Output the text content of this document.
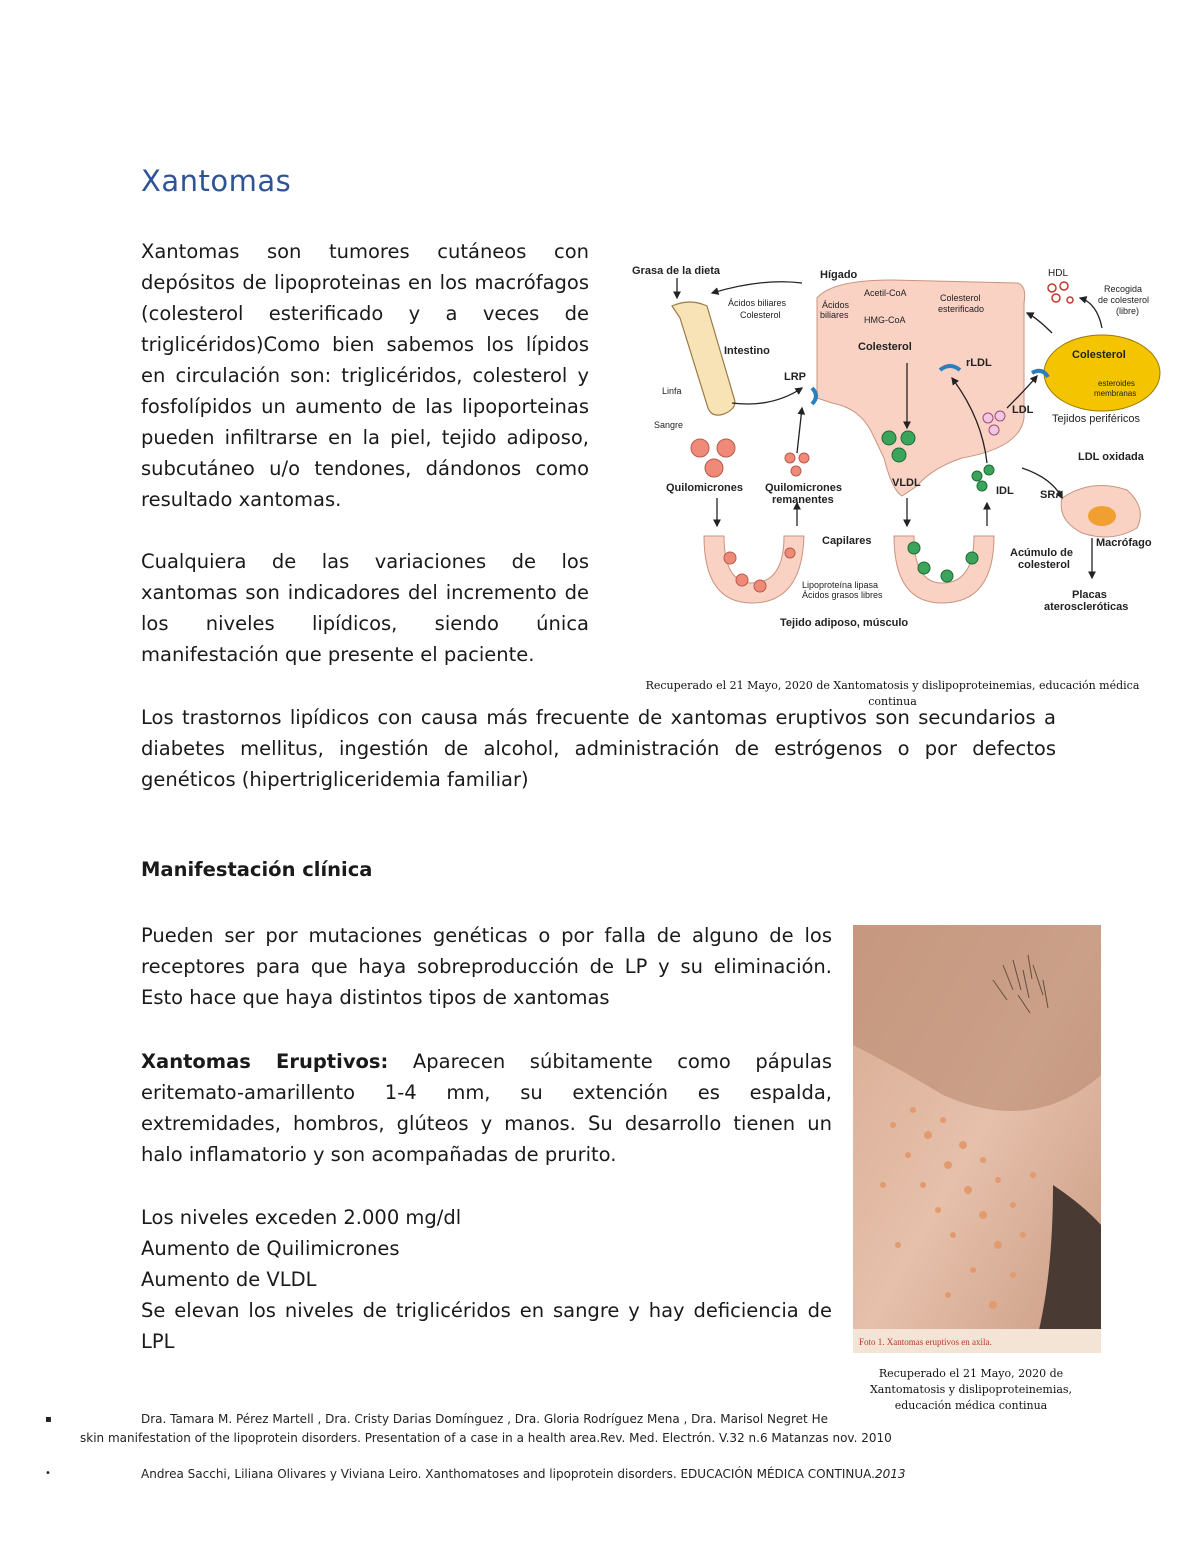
Xantomas
Xantomas son tumores cutáneos con depósitos de lipoproteinas en los macrófagos (colesterol esterificado y a veces de triglicéridos)Como bien sabemos los lípidos en circulación son: triglicéridos, colesterol y fosfolípidos un aumento de las lipoporteinas pueden infiltrarse en la piel, tejido adiposo, subcutáneo u/o tendones, dándonos como resultado xantomas.
Cualquiera de las variaciones de los xantomas son indicadores del incremento de los niveles lipídicos, siendo única manifestación que presente el paciente.
Los trastornos lipídicos con causa más frecuente de xantomas eruptivos son secundarios a diabetes mellitus, ingestión de alcohol, administración de estrógenos o por defectos genéticos (hipertrigliceridemia familiar)
Grasa de la dieta	Hígado
Ácidos biliares
Colesterol
Ácidos
biliares
Acetil-CoA
HMG-CoA
Colesterol
Colesterol
esterificado
Intestino
Linfa
Sangre
LRP
rLDL
HDL
Recogida
de colesterol
(libre)
Colesterol
esteroides
membranas
LDL
Tejidos periféricos
LDL oxidada
Quilomicrones Quilomicrones
remanentes
VLDL
IDL SRA
Capilares
Acúmulo de
colesterol
Macrófago
Lipoproteína lipasa
Ácidos grasos libres	Placas
ateroscleróticas
Tejido adiposo, músculo
Recuperado el 21 Mayo, 2020 de Xantomatosis y dislipoproteinemias, educación médica continua
Manifestación clínica
Pueden ser por mutaciones genéticas o por falla de alguno de los receptores para que haya sobreproducción de LP y su eliminación. Esto hace que haya distintos tipos de xantomas
Xantomas Eruptivos: Aparecen súbitamente como pápulas eritemato-amarillento 1-4 mm, su extención es espalda, extremidades, hombros, glúteos y manos. Su desarrollo tienen un halo inflamatorio y son acompañadas de prurito.
Los niveles exceden 2.000 mg/dl
Aumento de Quilimicrones
Aumento de VLDL
Se elevan los niveles de triglicéridos en sangre y hay deficiencia de LPL	Foto 1. Xantomas eruptivos en axila.
Recuperado el 21 Mayo, 2020 de Xantomatosis y dislipoproteinemias, educación médica continua
▪	Dra. Tamara M. Pérez Martell , Dra. Cristy Darias Domínguez , Dra. Gloria Rodríguez Mena , Dra. Marisol Negret He
skin manifestation of the lipoprotein disorders. Presentation of a case in a health area.Rev. Med. Electrón. V.32 n.6 Matanzas nov. 2010
•	Andrea Sacchi, Liliana Olivares y Viviana Leiro. Xanthomatoses and lipoprotein disorders. EDUCACIÓN MÉDICA CONTINUA.2013
